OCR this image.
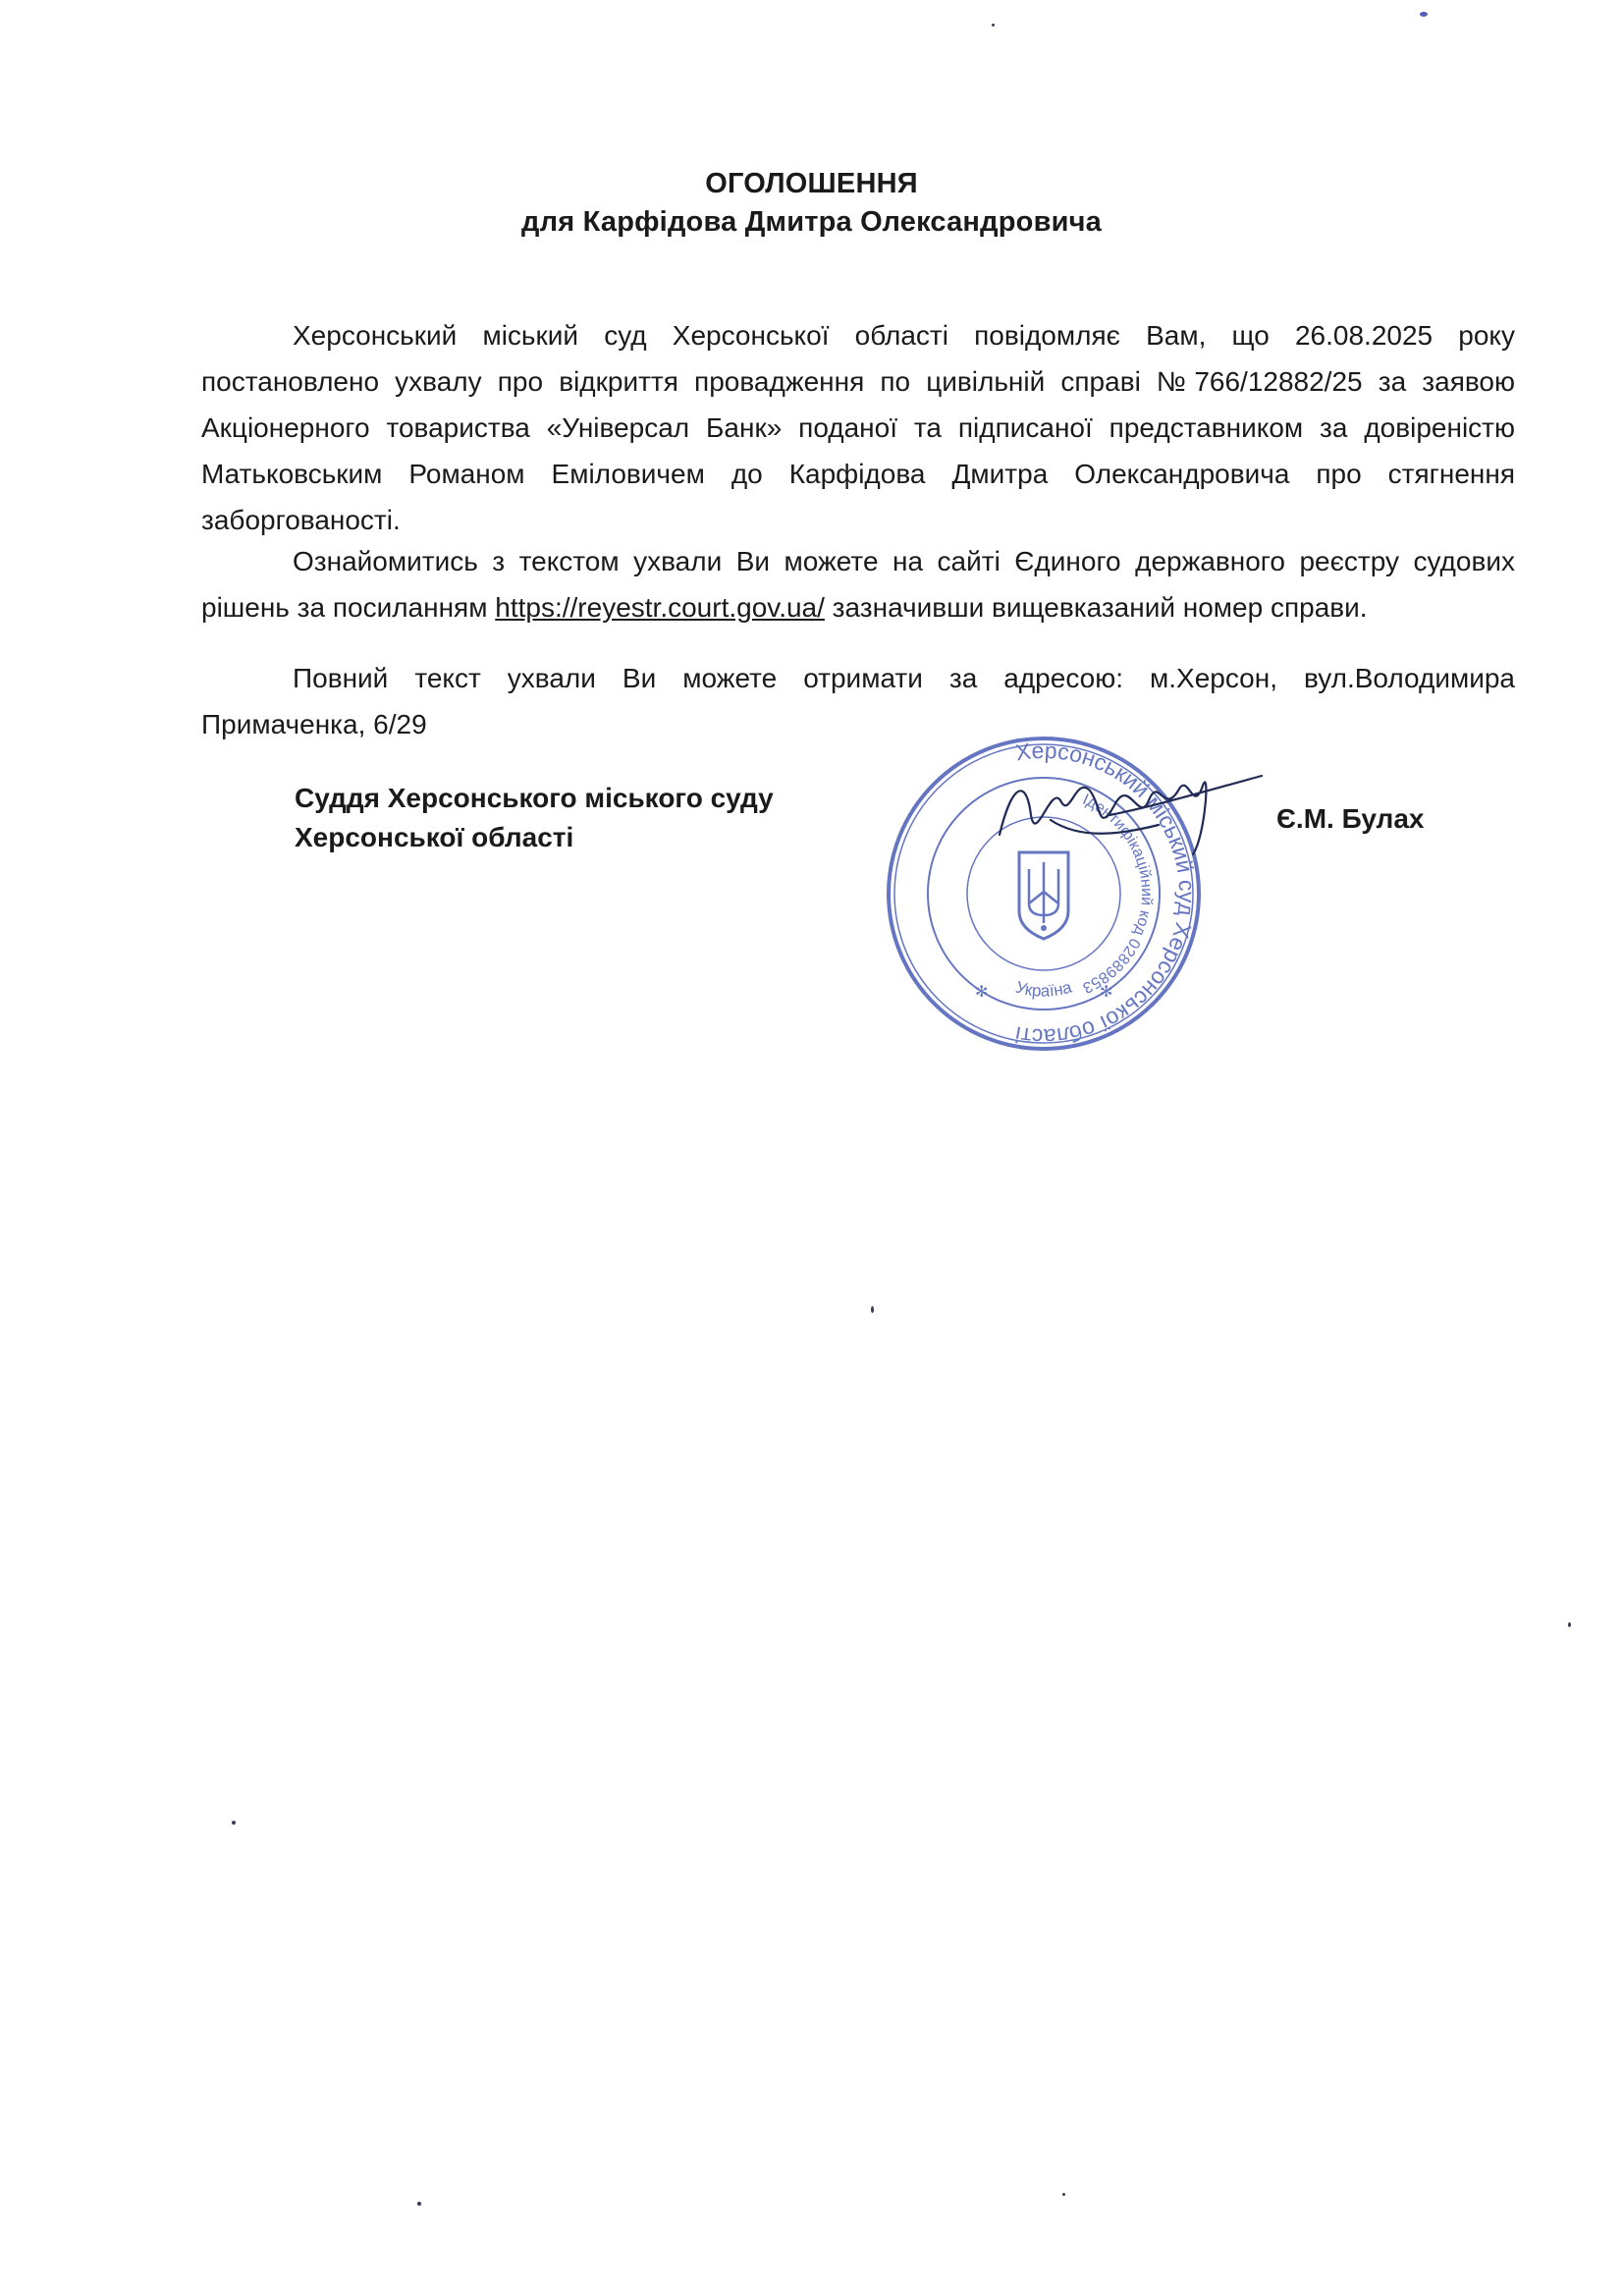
ОГОЛОШЕННЯ
для Карфідова Дмитра Олександровича

Херсонський міський суд Херсонської області повідомляє Вам, що 26.08.2025 року постановлено ухвалу про відкриття провадження по цивільній справі №766/12882/25 за заявою Акціонерного товариства «Універсал Банк» поданої та підписаної представником за довіреністю Матьковським Романом Еміловичем до Карфідова Дмитра Олександровича про стягнення заборгованості.

Ознайомитись з текстом ухвали Ви можете на сайті Єдиного державного реєстру судових рішень за посиланням https://reyestr.court.gov.ua/ зазначивши вищевказаний номер справи.

Повний текст ухвали Ви можете отримати за адресою: м.Херсон, вул.Володимира Примаченка, 6/29

Суддя Херсонського міського суду
Херсонської області
Херсонський міський суд Херсонської області
Ідентифікаційний код 02889853
Україна
✻	✻
Є.М. Булах
